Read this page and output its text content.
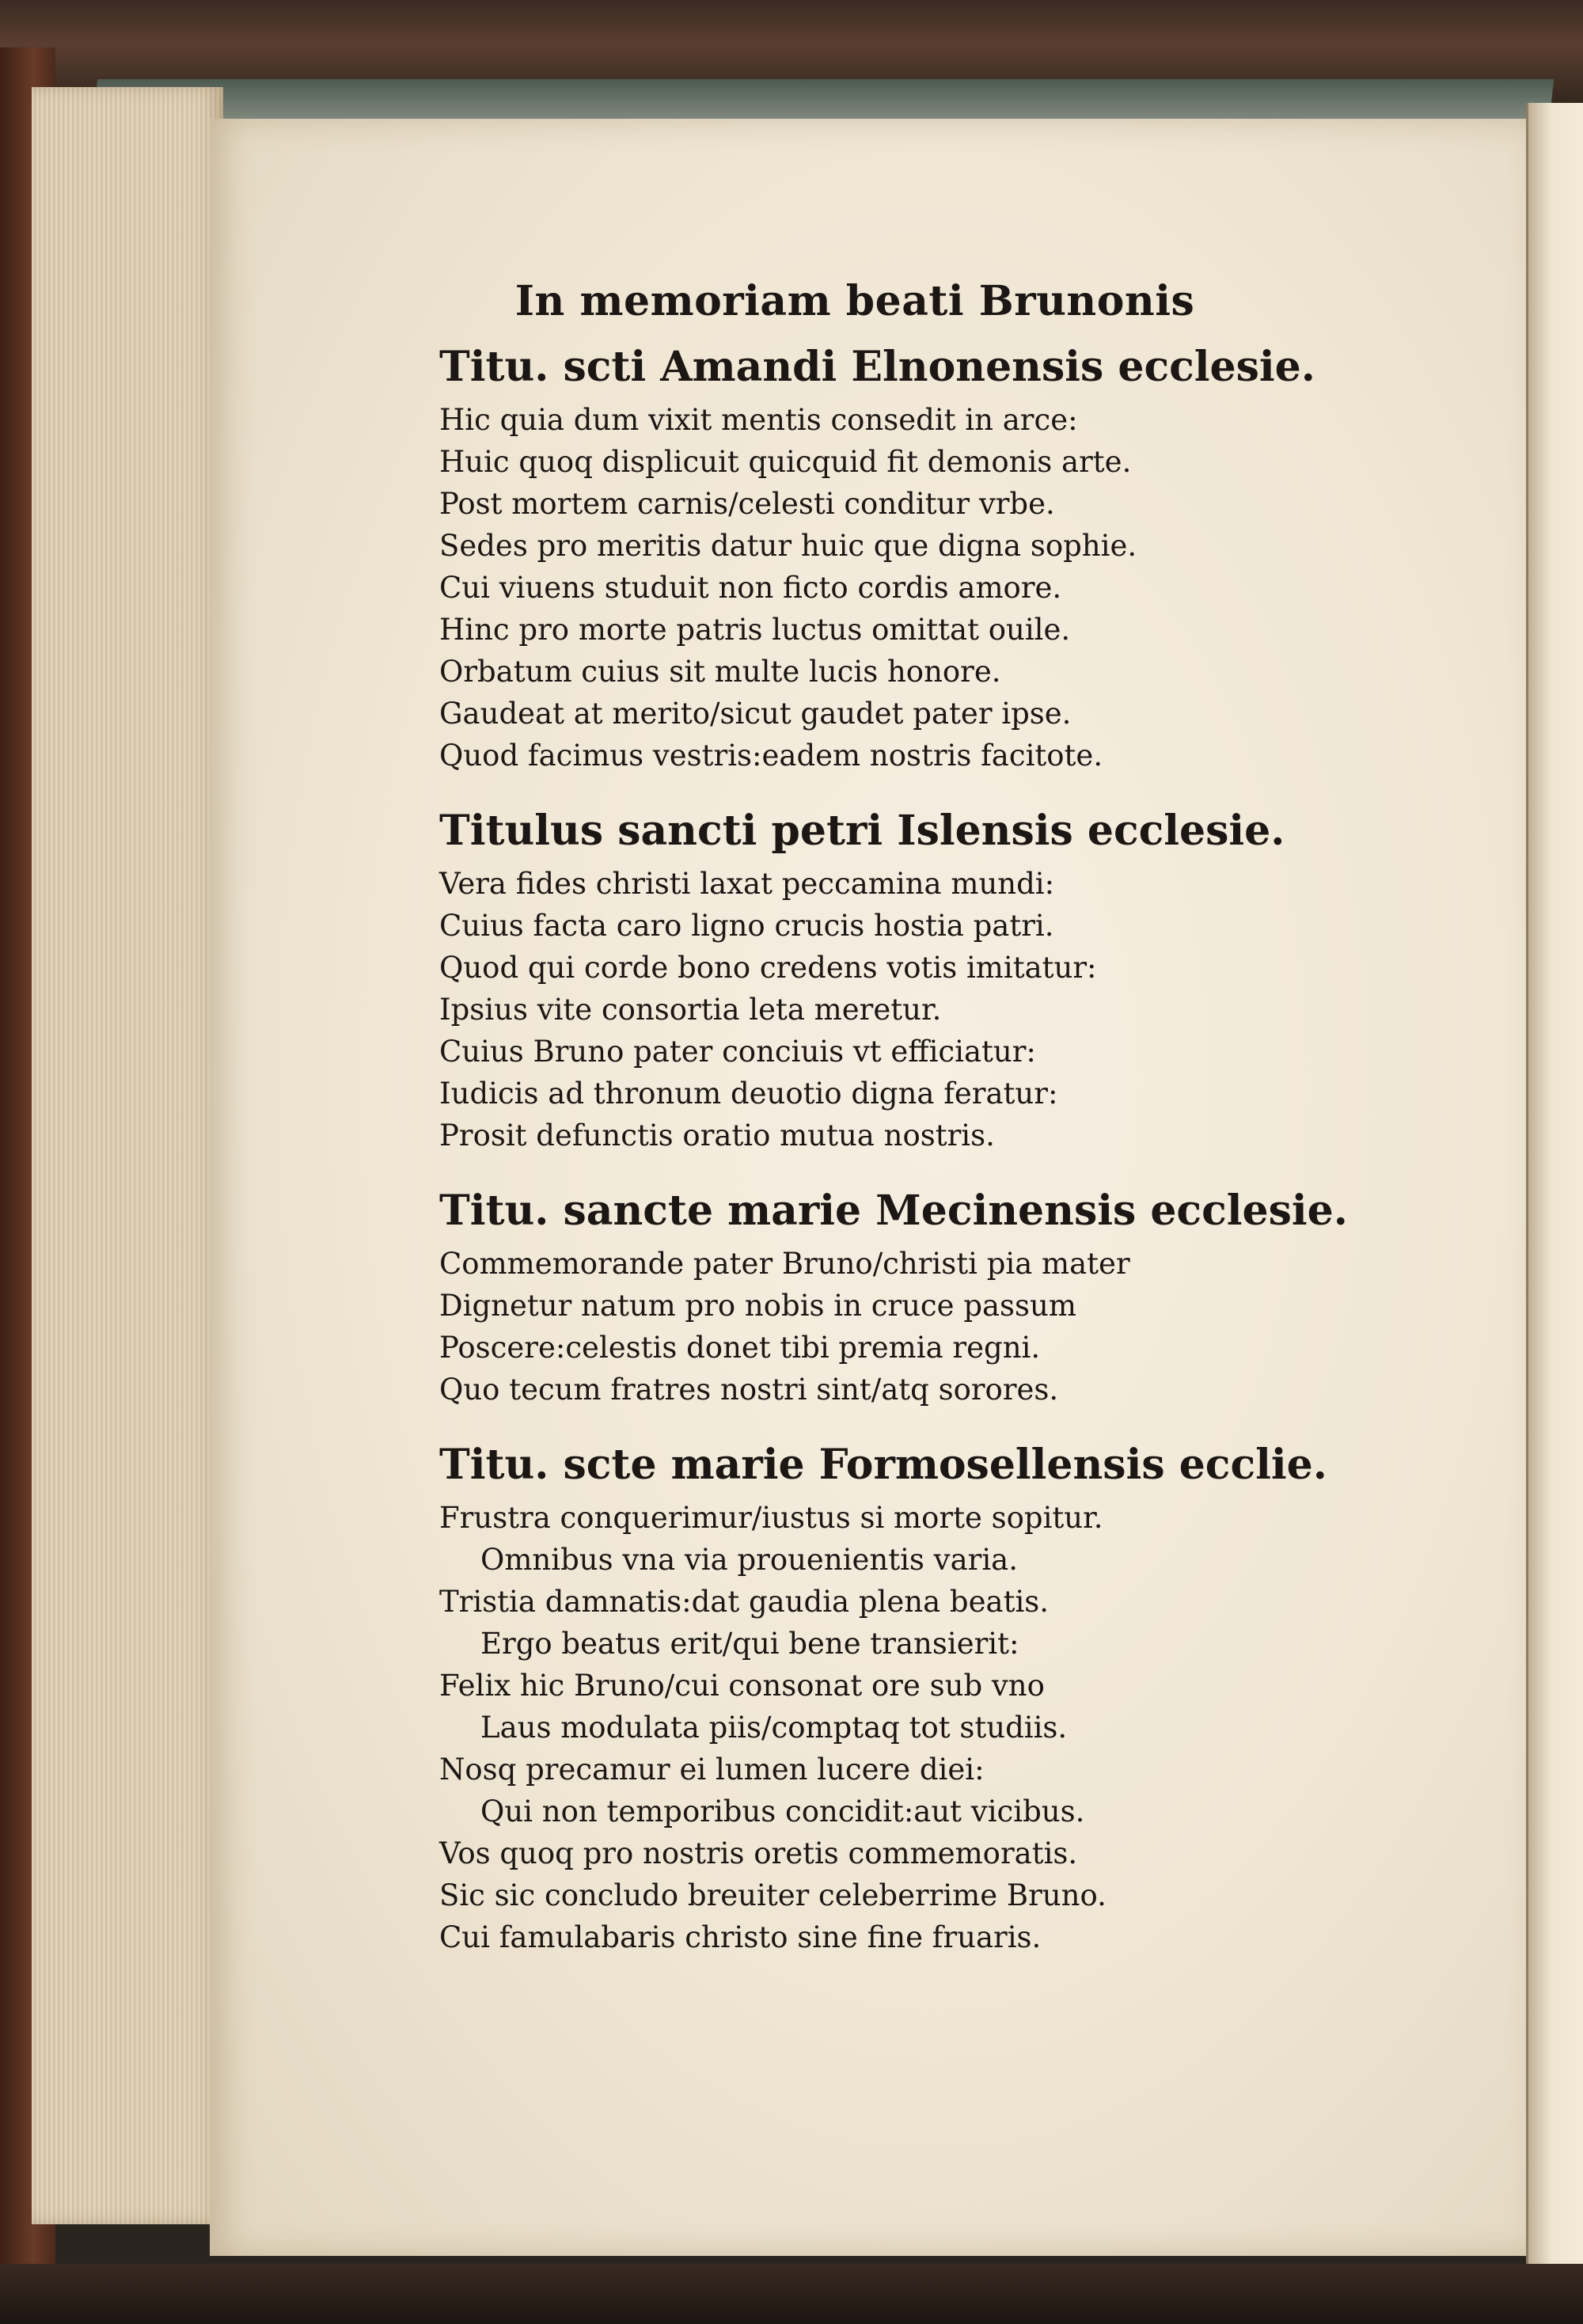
In memoriam beati Brunonis
Titu. scti Amandi Elnonensis ecclesie.
Hic quia dum vixit mentis consedit in arce:
Huic quoq displicuit quicquid fit demonis arte.
Post mortem carnis/celesti conditur vrbe.
Sedes pro meritis datur huic que digna sophie.
Cui viuens studuit non ficto cordis amore.
Hinc pro morte patris luctus omittat ouile.
Orbatum cuius sit multe lucis honore.
Gaudeat at merito/sicut gaudet pater ipse.
Quod facimus vestris:eadem nostris facitote.
Titulus sancti petri Islensis ecclesie.
Vera fides christi laxat peccamina mundi:
Cuius facta caro ligno crucis hostia patri.
Quod qui corde bono credens votis imitatur:
Ipsius vite consortia leta meretur.
Cuius Bruno pater conciuis vt efficiatur:
Iudicis ad thronum deuotio digna feratur:
Prosit defunctis oratio mutua nostris.
Titu. sancte marie Mecinensis ecclesie.
Commemorande pater Bruno/christi pia mater
Dignetur natum pro nobis in cruce passum
Poscere:celestis donet tibi premia regni.
Quo tecum fratres nostri sint/atq sorores.
Titu. scte marie Formosellensis ecclie.
Frustra conquerimur/iustus si morte sopitur.
Omnibus vna via prouenientis varia.
Tristia damnatis:dat gaudia plena beatis.
Ergo beatus erit/qui bene transierit:
Felix hic Bruno/cui consonat ore sub vno
Laus modulata piis/comptaq tot studiis.
Nosq precamur ei lumen lucere diei:
Qui non temporibus concidit:aut vicibus.
Vos quoq pro nostris oretis commemoratis.
Sic sic concludo breuiter celeberrime Bruno.
Cui famulabaris christo sine fine fruaris.
